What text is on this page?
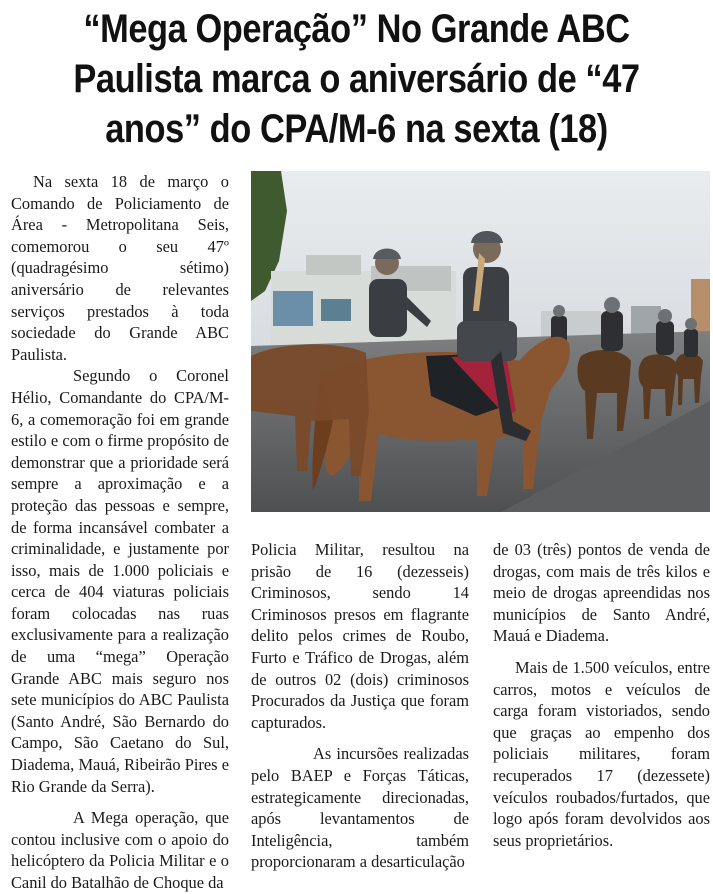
“Mega Operação” No Grande ABC
Paulista marca o aniversário de “47
anos” do CPA/M-6 na sexta (18)

Na sexta 18 de março o Comando de Policiamento de Área - Metropolitana Seis, comemorou o seu 47º (quadragésimo sétimo) aniversário de relevantes serviços prestados à toda sociedade do Grande ABC Paulista.

Segundo o Coronel Hélio, Comandante do CPA/M-6, a comemoração foi em grande estilo e com o firme propósito de demonstrar que a prioridade será sempre a aproximação e a proteção das pessoas e sempre, de forma incansável combater a criminalidade, e justamente por isso, mais de 1.000 policiais e cerca de 404 viaturas policiais foram colocadas nas ruas exclusivamente para a realização de uma “mega” Operação Grande ABC mais seguro nos sete municípios do ABC Paulista (Santo André, São Bernardo do Campo, São Caetano do Sul, Diadema, Mauá, Ribeirão Pires e Rio Grande da Serra).

A Mega operação, que contou inclusive com o apoio do helicóptero da Policia Militar e o Canil do Batalhão de Choque da

Policia Militar, resultou na prisão de 16 (dezesseis) Criminosos, sendo 14 Criminosos presos em flagrante delito pelos crimes de Roubo, Furto e Tráfico de Drogas, além de outros 02 (dois) criminosos Procurados da Justiça que foram capturados.

As incursões realizadas pelo BAEP e Forças Táticas, estrategicamente direcionadas, após levantamentos de Inteligência, também proporcionaram a desarticulação

de 03 (três) pontos de venda de drogas, com mais de três kilos e meio de drogas apreendidas nos municípios de Santo André, Mauá e Diadema.

Mais de 1.500 veículos, entre carros, motos e veículos de carga foram vistoriados, sendo que graças ao empenho dos policiais militares, foram recuperados 17 (dezessete) veículos roubados/furtados, que logo após foram devolvidos aos seus proprietários.
